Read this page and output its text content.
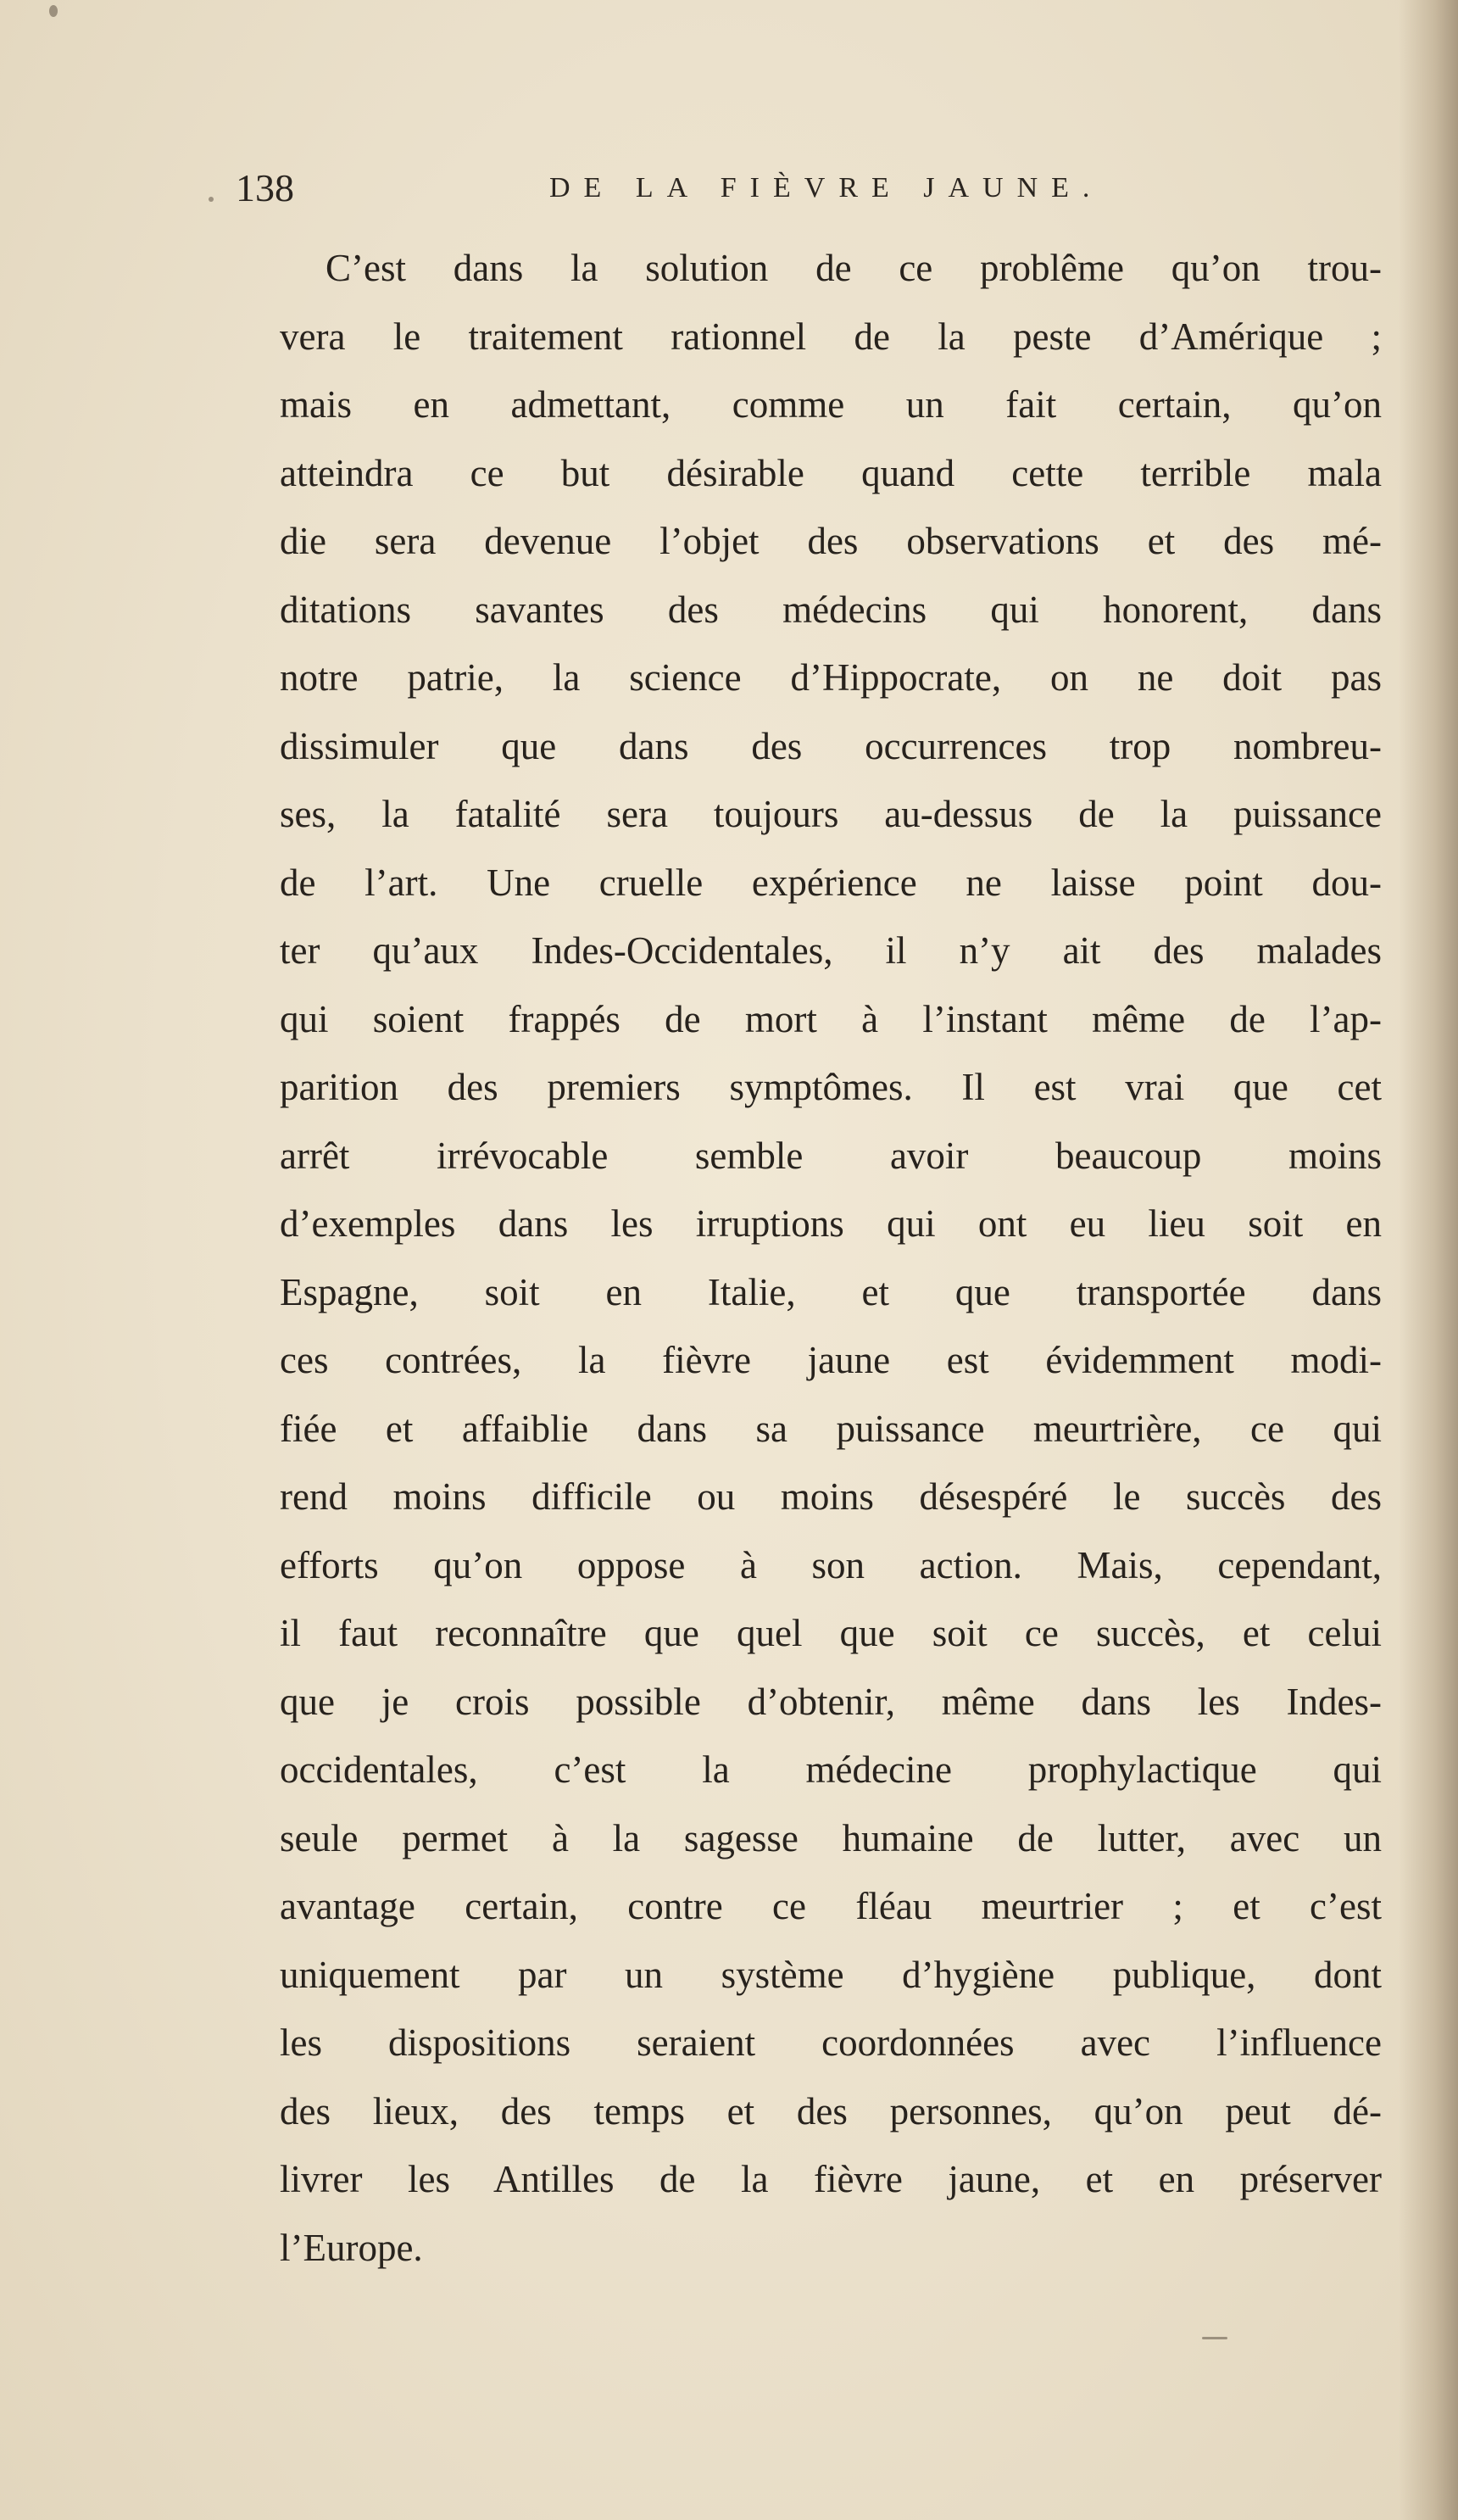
138	DE LA FIÈVRE JAUNE.
C’est dans la solution de ce problême qu’on trou-
vera le traitement rationnel de la peste d’Amérique ;
mais en admettant, comme un fait certain, qu’on
atteindra ce but désirable quand cette terrible mala
die sera devenue l’objet des observations et des mé-
ditations savantes des médecins qui honorent, dans
notre patrie, la science d’Hippocrate, on ne doit pas
dissimuler que dans des occurrences trop nombreu-
ses, la fatalité sera toujours au-dessus de la puissance
de l’art. Une cruelle expérience ne laisse point dou-
ter qu’aux Indes-Occidentales, il n’y ait des malades
qui soient frappés de mort à l’instant même de l’ap-
parition des premiers symptômes. Il est vrai que cet
arrêt irrévocable semble avoir beaucoup moins
d’exemples dans les irruptions qui ont eu lieu soit en
Espagne, soit en Italie, et que transportée dans
ces contrées, la fièvre jaune est évidemment modi-
fiée et affaiblie dans sa puissance meurtrière, ce qui
rend moins difficile ou moins désespéré le succès des
efforts qu’on oppose à son action. Mais, cependant,
il faut reconnaître que quel que soit ce succès, et celui
que je crois possible d’obtenir, même dans les Indes-
occidentales, c’est la médecine prophylactique qui
seule permet à la sagesse humaine de lutter, avec un
avantage certain, contre ce fléau meurtrier ; et c’est
uniquement par un système d’hygiène publique, dont
les dispositions seraient coordonnées avec l’influence
des lieux, des temps et des personnes, qu’on peut dé-
livrer les Antilles de la fièvre jaune, et en préserver
l’Europe.
